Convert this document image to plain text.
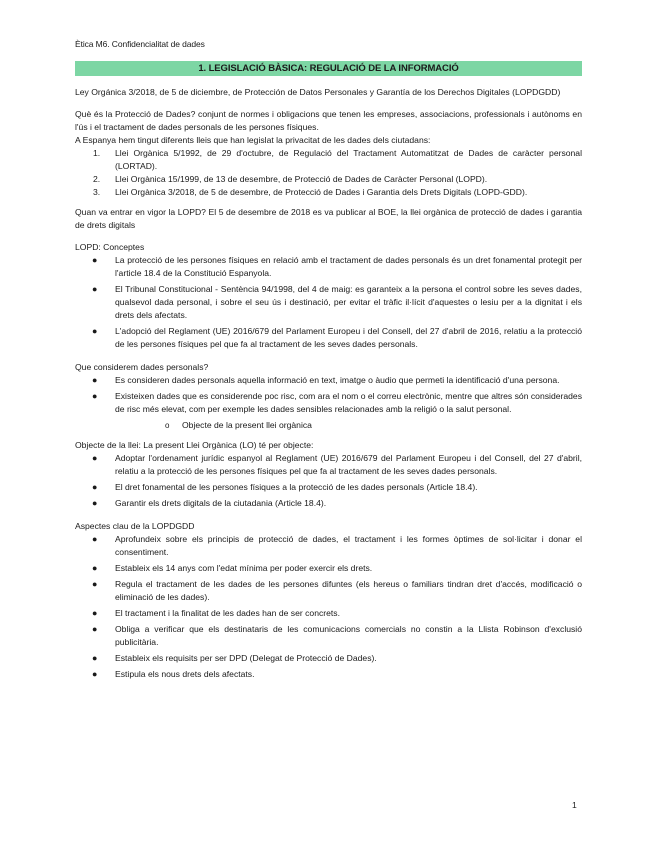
Ètica M6. Confidencialitat de dades
1. LEGISLACIÓ BÀSICA: REGULACIÓ DE LA INFORMACIÓ

Ley Orgánica 3/2018, de 5 de diciembre, de Protección de Datos Personales y Garantía de los Derechos Digitales (LOPDGDD)

Què és la Protecció de Dades? conjunt de normes i obligacions que tenen les empreses, associacions, professionals i autònoms en l'ús i el tractament de dades personals de les persones físiques.

A Espanya hem tingut diferents lleis que han legislat la privacitat de les dades dels ciutadans:

1. Llei Orgànica 5/1992, de 29 d'octubre, de Regulació del Tractament Automatitzat de Dades de caràcter personal (LORTAD).
2. Llei Orgànica 15/1999, de 13 de desembre, de Protecció de Dades de Caràcter Personal (LOPD).
3. Llei Orgànica 3/2018, de 5 de desembre, de Protecció de Dades i Garantia dels Drets Digitals (LOPD-GDD).

Quan va entrar en vigor la LOPD? El 5 de desembre de 2018 es va publicar al BOE, la llei orgànica de protecció de dades i garantia de drets digitals

LOPD: Conceptes

● La protecció de les persones físiques en relació amb el tractament de dades personals és un dret fonamental protegit per l'article 18.4 de la Constitució Espanyola.
● El Tribunal Constitucional - Sentència 94/1998, del 4 de maig: es garanteix a la persona el control sobre les seves dades, qualsevol dada personal, i sobre el seu ús i destinació, per evitar el tràfic il·lícit d'aquestes o lesiu per a la dignitat i els drets dels afectats.
● L'adopció del Reglament (UE) 2016/679 del Parlament Europeu i del Consell, del 27 d'abril de 2016, relatiu a la protecció de les persones físiques pel que fa al tractament de les seves dades personals.

Que considerem dades personals?

● Es consideren dades personals aquella informació en text, imatge o àudio que permeti la identificació d'una persona.
● Existeixen dades que es considerende poc risc, com ara el nom o el correu electrònic, mentre que altres són considerades de risc més elevat, com per exemple les dades sensibles relacionades amb la religió o la salut personal.
o Objecte de la present llei orgànica

Objecte de la llei: La present Llei Orgànica (LO) té per objecte:

● Adoptar l'ordenament jurídic espanyol al Reglament (UE) 2016/679 del Parlament Europeu i del Consell, del 27 d'abril, relatiu a la protecció de les persones físiques pel que fa al tractament de les seves dades personals.
● El dret fonamental de les persones físiques a la protecció de les dades personals (Article 18.4).
● Garantir els drets digitals de la ciutadania (Article 18.4).

Aspectes clau de la LOPDGDD

● Aprofundeix sobre els principis de protecció de dades, el tractament i les formes òptimes de sol·licitar i donar el consentiment.
● Estableix els 14 anys com l'edat mínima per poder exercir els drets.
● Regula el tractament de les dades de les persones difuntes (els hereus o familiars tindran dret d'accés, modificació o eliminació de les dades).
● El tractament i la finalitat de les dades han de ser concrets.
● Obliga a verificar que els destinataris de les comunicacions comercials no constin a la Llista Robinson d'exclusió publicitària.
● Estableix els requisits per ser DPD (Delegat de Protecció de Dades).
● Estipula els nous drets dels afectats.
1
